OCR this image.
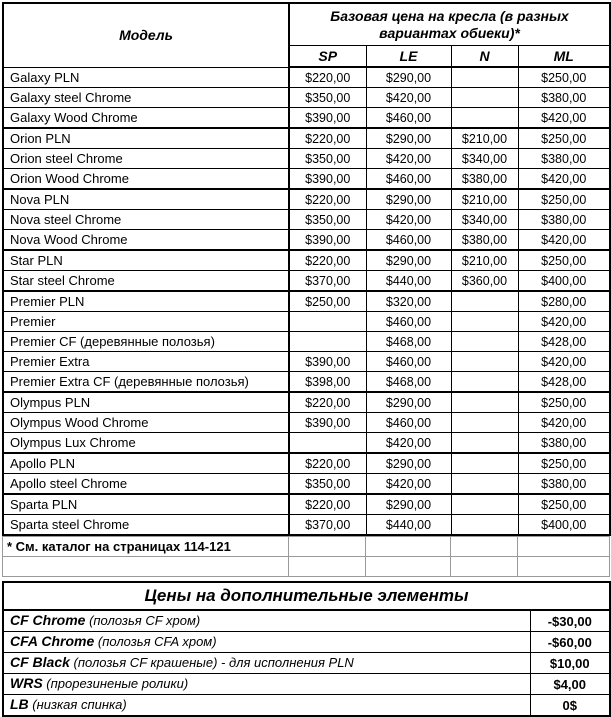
Модель	Базовая цена на кресла (в разных вариантах обиеки)*			
	SP	LE	N	ML
Galaxy PLN	$220,00	$290,00		$250,00
Galaxy steel Chrome	$350,00	$420,00		$380,00
Galaxy Wood Chrome	$390,00	$460,00		$420,00
Orion PLN	$220,00	$290,00	$210,00	$250,00
Orion steel Chrome	$350,00	$420,00	$340,00	$380,00
Orion Wood Chrome	$390,00	$460,00	$380,00	$420,00
Nova PLN	$220,00	$290,00	$210,00	$250,00
Nova steel Chrome	$350,00	$420,00	$340,00	$380,00
Nova Wood Chrome	$390,00	$460,00	$380,00	$420,00
Star PLN	$220,00	$290,00	$210,00	$250,00
Star steel Chrome	$370,00	$440,00	$360,00	$400,00
Premier PLN	$250,00	$320,00		$280,00
Premier		$460,00		$420,00
Premier CF (деревянные полозья)		$468,00		$428,00
Premier Extra	$390,00	$460,00		$420,00
Premier Extra CF (деревянные полозья)	$398,00	$468,00		$428,00
Olympus PLN	$220,00	$290,00		$250,00
Olympus Wood Chrome	$390,00	$460,00		$420,00
Olympus Lux Chrome		$420,00		$380,00
Apollo PLN	$220,00	$290,00		$250,00
Apollo steel Chrome	$350,00	$420,00		$380,00
Sparta PLN	$220,00	$290,00		$250,00
Sparta steel Chrome	$370,00	$440,00		$400,00
* См. каталог на страницах 114-121				

Цены на дополнительные элементы	
CF Chrome (полозья CF хром)	-$30,00
CFA Chrome (полозья CFA хром)	-$60,00
CF Black (полозья CF крашеные) - для исполнения PLN	$10,00
WRS (прорезиненые ролики)	$4,00
LB (низкая спинка)	0$
